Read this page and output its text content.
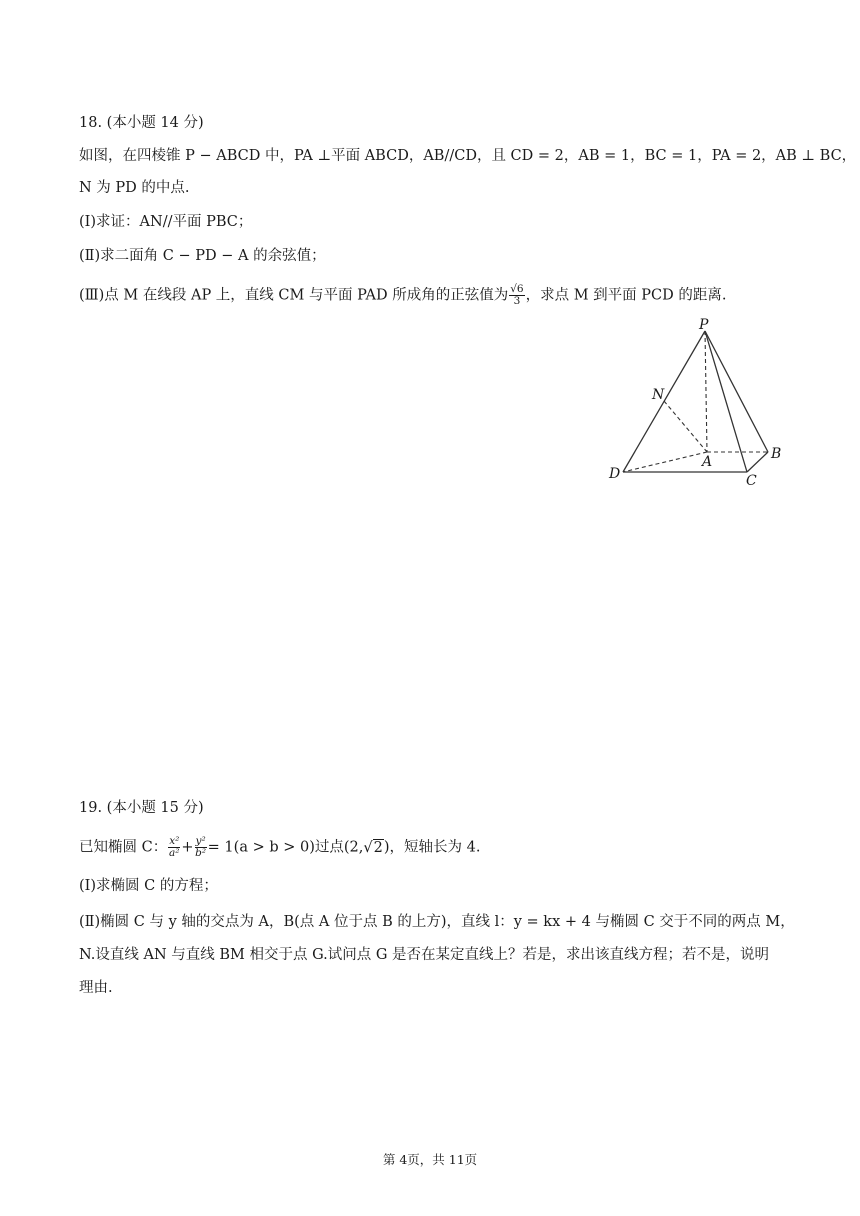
18. (本小题 14 分)
如图，在四棱锥 P − ABCD 中，PA ⊥平面 ABCD，AB//CD，且 CD = 2，AB = 1，BC = 1，PA = 2，AB ⊥ BC，
N 为 PD 的中点.
(Ⅰ)求证：AN//平面 PBC；
(Ⅱ)求二面角 C − PD − A 的余弦值；
(Ⅲ)点 M 在线段 AP 上，直线 CM 与平面 PAD 所成角的正弦值为 $\frac{√6}{3}$ ，求点 M 到平面 PCD 的距离.
P
N
A	B
C
D
19. (本小题 15 分)
已知椭圆 C： $\frac{\text{x²}}{\text{a²}} + \frac{\text{y²}}{\text{b²}} = 1(a > b > 0)$过点(2,√2)，短轴长为 4.
(Ⅰ)求椭圆 C 的方程；
(Ⅱ)椭圆 C 与 y 轴的交点为 A，B(点 A 位于点 B 的上方)，直线 l：y = kx + 4 与椭圆 C 交于不同的两点 M，
N.设直线 AN 与直线 BM 相交于点 G.试问点 G 是否在某定直线上？若是，求出该直线方程；若不是，说明
理由.
第 4页，共 11页
